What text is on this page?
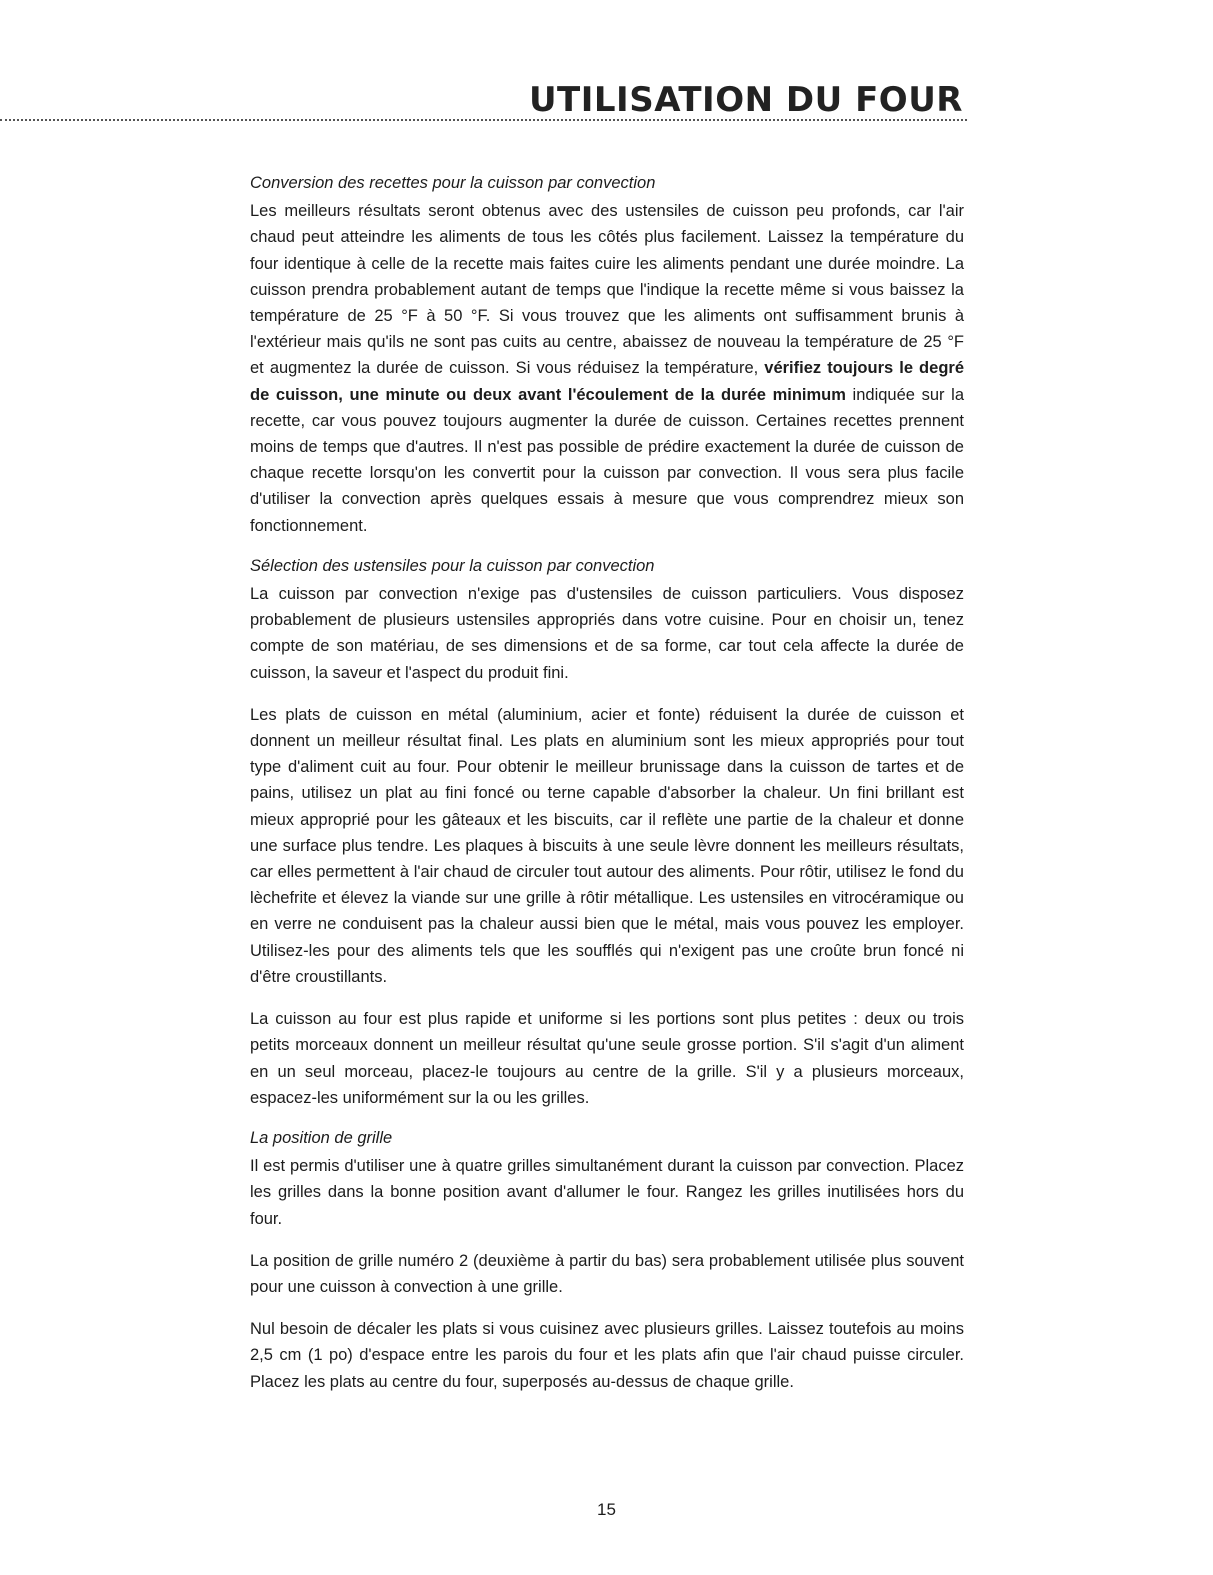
UTILISATION DU FOUR
Conversion des recettes pour la cuisson par convection

Les meilleurs résultats seront obtenus avec des ustensiles de cuisson peu profonds, car l'air chaud peut atteindre les aliments de tous les côtés plus facilement. Laissez la température du four identique à celle de la recette mais faites cuire les aliments pendant une durée moindre. La cuisson prendra probablement autant de temps que l'indique la recette même si vous baissez la température de 25 °F à 50 °F. Si vous trouvez que les aliments ont suffisamment brunis à l'extérieur mais qu'ils ne sont pas cuits au centre, abaissez de nouveau la température de 25 °F et augmentez la durée de cuisson. Si vous réduisez la température, vérifiez toujours le degré de cuisson, une minute ou deux avant l'écoulement de la durée minimum indiquée sur la recette, car vous pouvez toujours augmenter la durée de cuisson. Certaines recettes prennent moins de temps que d'autres. Il n'est pas possible de prédire exactement la durée de cuisson de chaque recette lorsqu'on les convertit pour la cuisson par convection. Il vous sera plus facile d'utiliser la convection après quelques essais à mesure que vous comprendrez mieux son fonctionnement.

Sélection des ustensiles pour la cuisson par convection

La cuisson par convection n'exige pas d'ustensiles de cuisson particuliers. Vous disposez probablement de plusieurs ustensiles appropriés dans votre cuisine. Pour en choisir un, tenez compte de son matériau, de ses dimensions et de sa forme, car tout cela affecte la durée de cuisson, la saveur et l'aspect du produit fini.

Les plats de cuisson en métal (aluminium, acier et fonte) réduisent la durée de cuisson et donnent un meilleur résultat final. Les plats en aluminium sont les mieux appropriés pour tout type d'aliment cuit au four. Pour obtenir le meilleur brunissage dans la cuisson de tartes et de pains, utilisez un plat au fini foncé ou terne capable d'absorber la chaleur. Un fini brillant est mieux approprié pour les gâteaux et les biscuits, car il reflète une partie de la chaleur et donne une surface plus tendre. Les plaques à biscuits à une seule lèvre donnent les meilleurs résultats, car elles permettent à l'air chaud de circuler tout autour des aliments. Pour rôtir, utilisez le fond du lèchefrite et élevez la viande sur une grille à rôtir métallique. Les ustensiles en vitrocéramique ou en verre ne conduisent pas la chaleur aussi bien que le métal, mais vous pouvez les employer. Utilisez-les pour des aliments tels que les soufflés qui n'exigent pas une croûte brun foncé ni d'être croustillants.

La cuisson au four est plus rapide et uniforme si les portions sont plus petites : deux ou trois petits morceaux donnent un meilleur résultat qu'une seule grosse portion. S'il s'agit d'un aliment en un seul morceau, placez-le toujours au centre de la grille. S'il y a plusieurs morceaux, espacez-les uniformément sur la ou les grilles.

La position de grille

Il est permis d'utiliser une à quatre grilles simultanément durant la cuisson par convection. Placez les grilles dans la bonne position avant d'allumer le four. Rangez les grilles inutilisées hors du four.

La position de grille numéro 2 (deuxième à partir du bas) sera probablement utilisée plus souvent pour une cuisson à convection à une grille.

Nul besoin de décaler les plats si vous cuisinez avec plusieurs grilles. Laissez toutefois au moins 2,5 cm (1 po) d'espace entre les parois du four et les plats afin que l'air chaud puisse circuler. Placez les plats au centre du four, superposés au-dessus de chaque grille.

15
